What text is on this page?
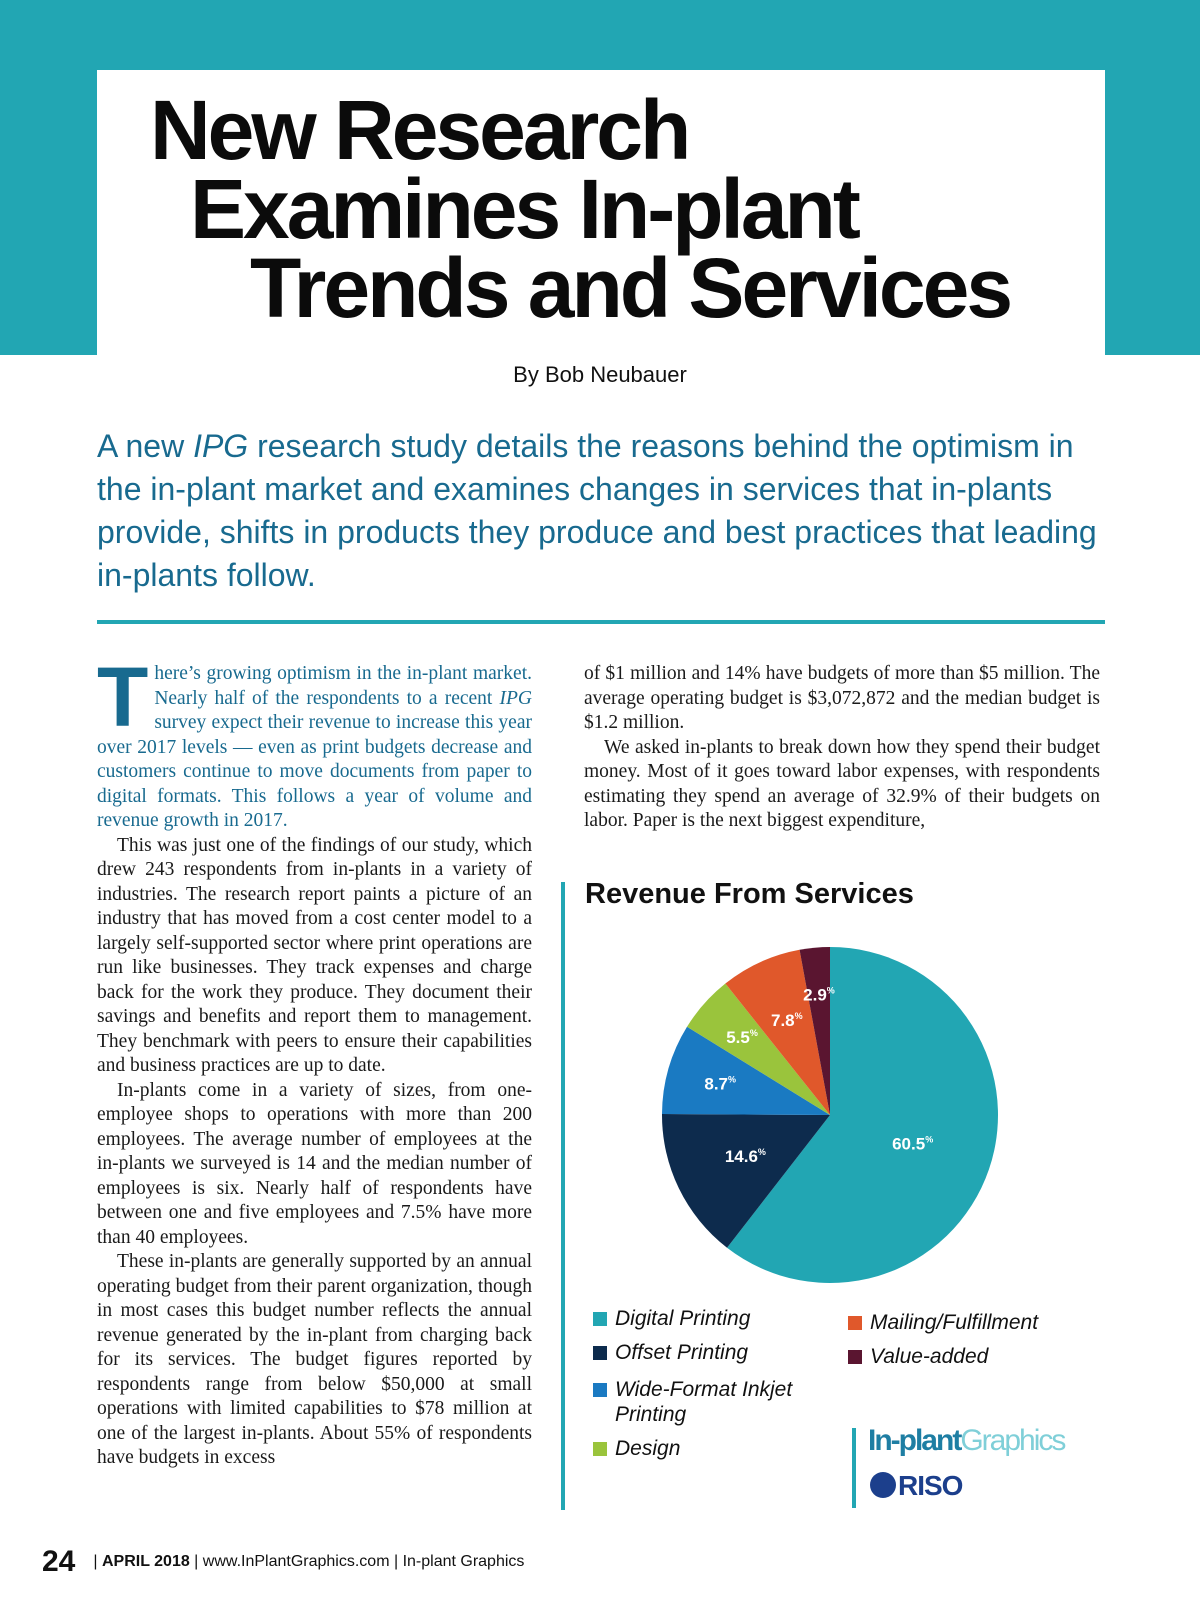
New Research
Examines In-plant
Trends and Services
By Bob Neubauer
A new IPG research study details the reasons behind the optimism in the in-plant market and examines changes in services that in-plants provide, shifts in products they produce and best practices that leading in-plants follow.

There’s growing optimism in the in-plant market. Nearly half of the respondents to a recent IPG survey expect their revenue to increase this year over 2017 levels — even as print budgets decrease and customers continue to move documents from paper to digital formats. This follows a year of volume and revenue growth in 2017.

This was just one of the findings of our study, which drew 243 respondents from in-plants in a variety of industries. The research report paints a picture of an industry that has moved from a cost center model to a largely self-supported sector where print operations are run like businesses. They track expenses and charge back for the work they produce. They document their savings and benefits and report them to management. They benchmark with peers to ensure their capabilities and business practices are up to date.

In-plants come in a variety of sizes, from one-employee shops to operations with more than 200 employees. The average number of employees at the in-plants we surveyed is 14 and the median number of employees is six. Nearly half of respondents have between one and five employees and 7.5% have more than 40 employees.

These in-plants are generally supported by an annual operating budget from their parent organization, though in most cases this budget number reflects the annual revenue generated by the in-plant from charging back for its services. The budget figures reported by respondents range from below $50,000 at small operations with limited capabilities to $78 million at one of the largest in-plants. About 55% of respondents have budgets in excess

of $1 million and 14% have budgets of more than $5 million. The average operating budget is $3,072,872 and the median budget is $1.2 million.

We asked in-plants to break down how they spend their budget money. Most of it goes toward labor expenses, with respondents estimating they spend an average of 32.9% of their budgets on labor. Paper is the next biggest expenditure,

Revenue From Services
60.5%
14.6%
8.7%
5.5%
7.8%
2.9%
Digital Printing
Offset Printing
Wide-Format Inkjet Printing
Design
Mailing/Fulfillment
Value-added
In-plantGraphics
RISO
24 | APRIL 2018 | www.InPlantGraphics.com | In-plant Graphics
